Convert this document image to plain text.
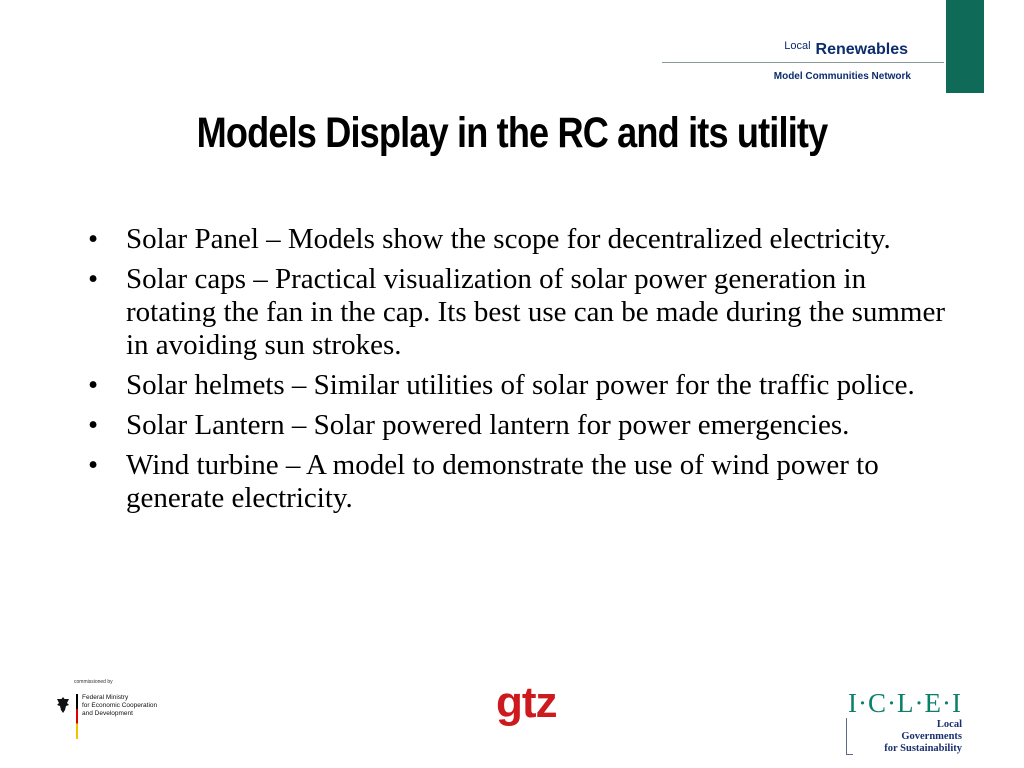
$^{Local}$ Renewables
Model Communities Network
Models Display in the RC and its utility
• Solar Panel – Models show the scope for decentralized electricity.
• Solar caps – Practical visualization of solar power generation in rotating the fan in the cap. Its best use can be made during the summer in avoiding sun strokes.
• Solar helmets – Similar utilities of solar power for the traffic police.
• Solar Lantern – Solar powered lantern for power emergencies.
• Wind turbine – A model to demonstrate the use of wind power to generate electricity.
commissioned by
Federal Ministry
for Economic Cooperation
and Development	gtz	I·C·L·E·I
Local
Governments
for Sustainability
